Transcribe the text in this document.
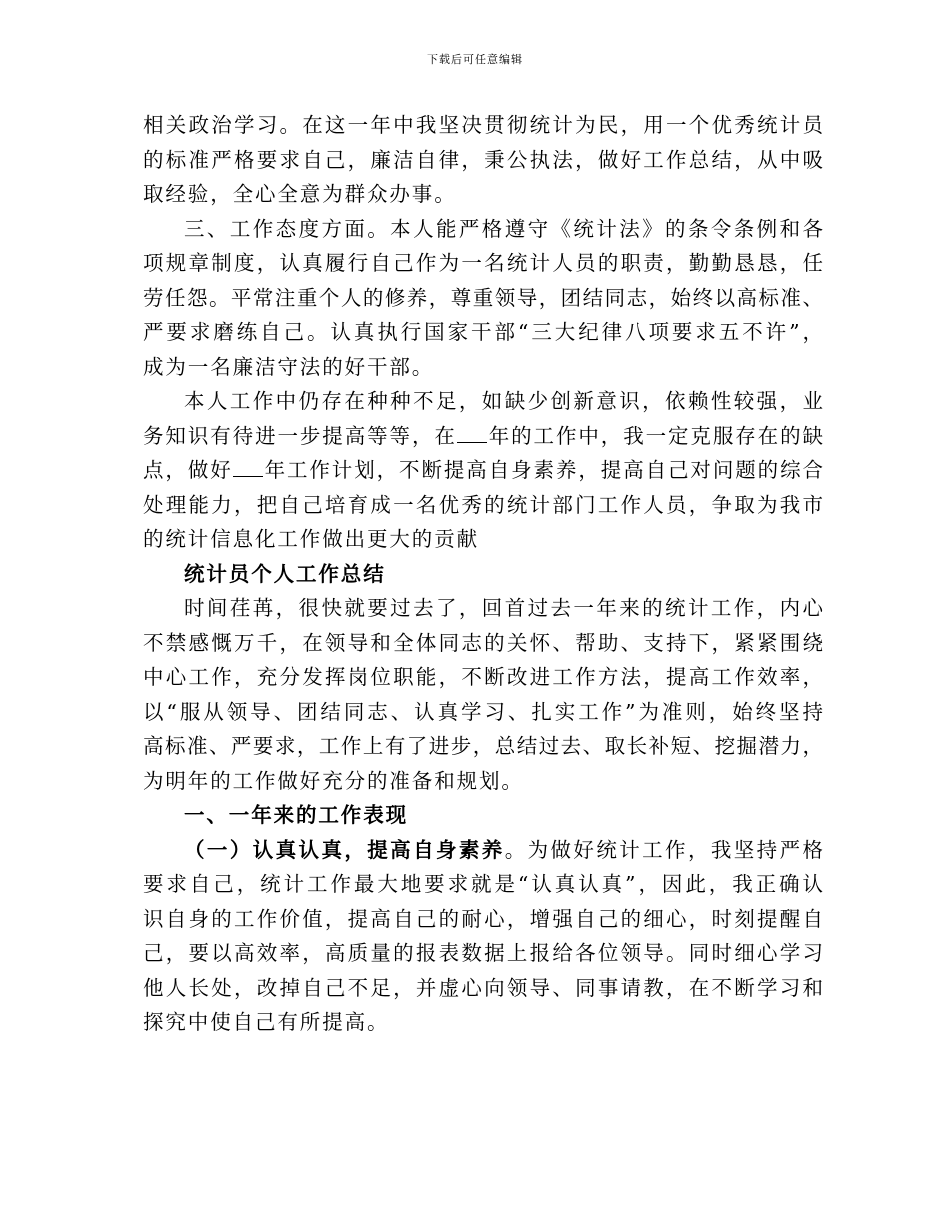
下载后可任意编辑
相关政治学习。在这一年中我坚决贯彻统计为民，用一个优秀统计员
的标准严格要求自己，廉洁自律，秉公执法，做好工作总结，从中吸
取经验，全心全意为群众办事。
三、工作态度方面。本人能严格遵守《统计法》的条令条例和各
项规章制度，认真履行自己作为一名统计人员的职责，勤勤恳恳，任
劳任怨。平常注重个人的修养，尊重领导，团结同志，始终以高标准、
严要求磨练自己。认真执行国家干部“三大纪律八项要求五不许”，
成为一名廉洁守法的好干部。
本人工作中仍存在种种不足，如缺少创新意识，依赖性较强，业
务知识有待进一步提高等等，在 年的工作中，我一定克服存在的缺
点，做好 年工作计划，不断提高自身素养，提高自己对问题的综合
处理能力，把自己培育成一名优秀的统计部门工作人员，争取为我市
的统计信息化工作做出更大的贡献
统计员个人工作总结
时间荏苒，很快就要过去了，回首过去一年来的统计工作，内心
不禁感慨万千，在领导和全体同志的关怀、帮助、支持下，紧紧围绕
中心工作，充分发挥岗位职能，不断改进工作方法，提高工作效率，
以“服从领导、团结同志、认真学习、扎实工作”为准则，始终坚持
高标准、严要求，工作上有了进步，总结过去、取长补短、挖掘潜力，
为明年的工作做好充分的准备和规划。
一、一年来的工作表现
（一）认真认真，提高自身素养。为做好统计工作，我坚持严格
要求自己，统计工作最大地要求就是“认真认真”，因此，我正确认
识自身的工作价值，提高自己的耐心，增强自己的细心，时刻提醒自
己，要以高效率，高质量的报表数据上报给各位领导。同时细心学习
他人长处，改掉自己不足，并虚心向领导、同事请教，在不断学习和
探究中使自己有所提高。
